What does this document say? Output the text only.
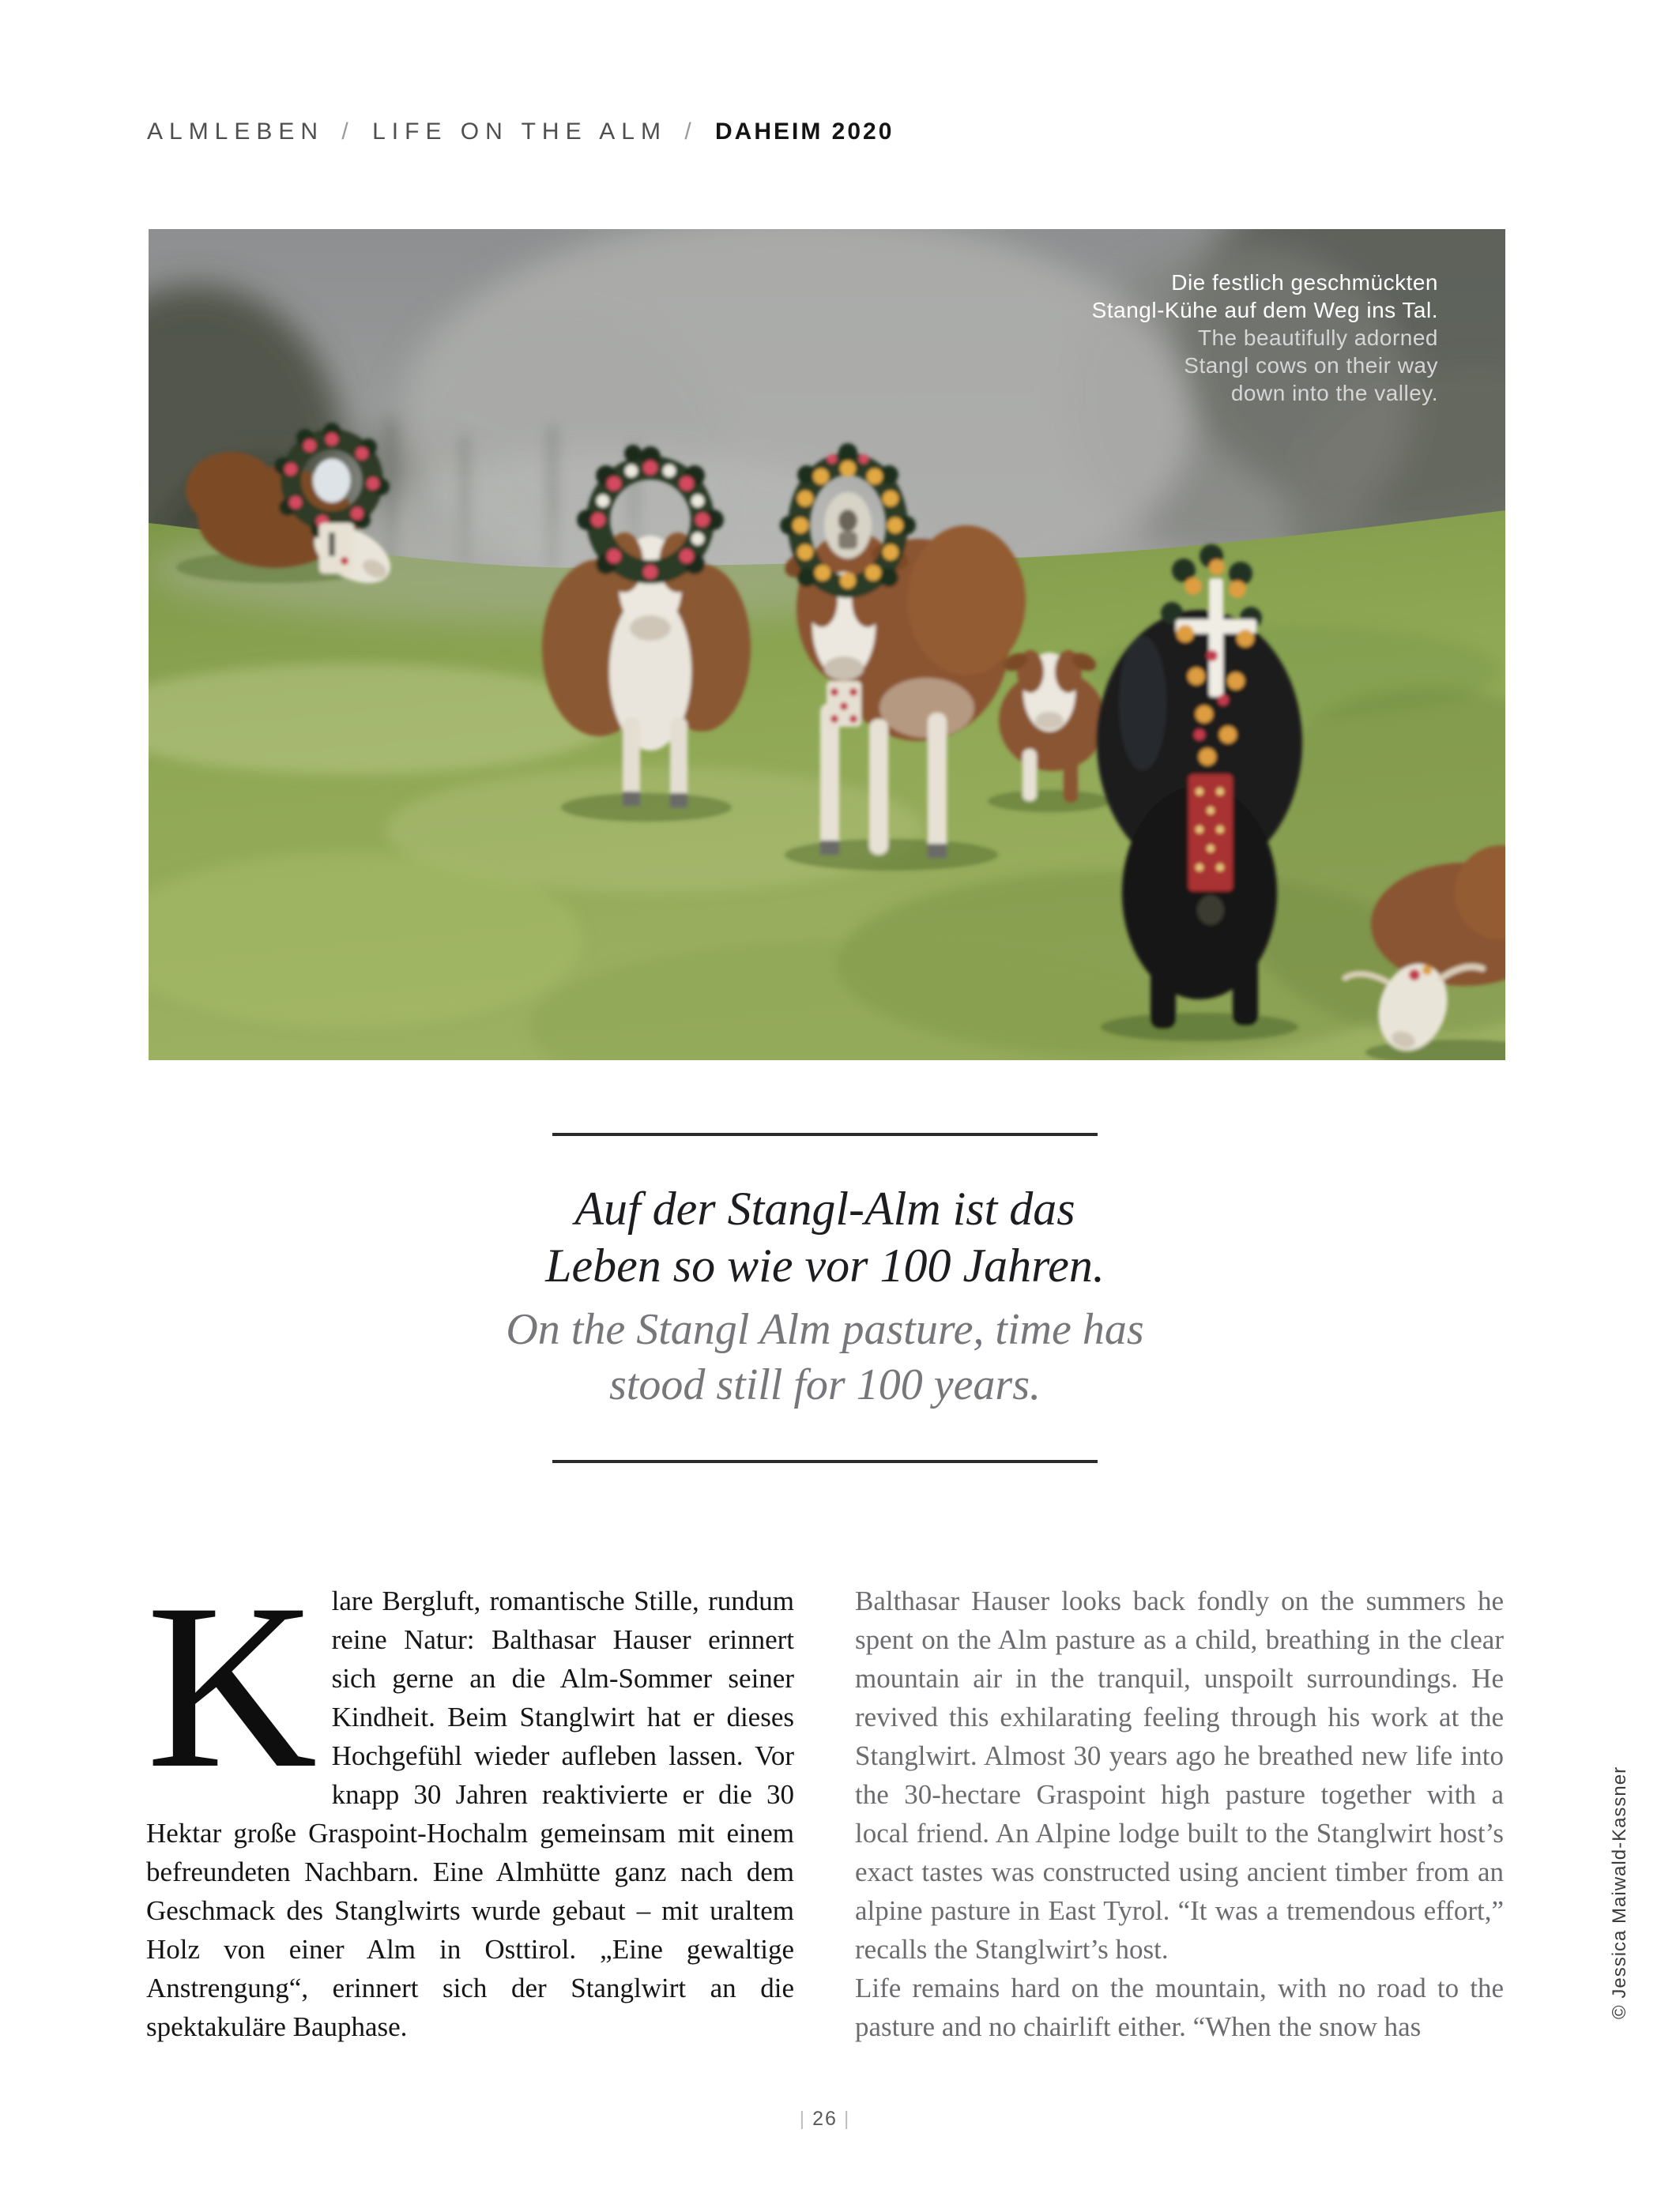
ALMLEBEN / LIFE ON THE ALM / DAHEIM 2020
Die festlich geschmückten
Stangl-Kühe auf dem Weg ins Tal.
The beautifully adorned
Stangl cows on their way
down into the valley.

Auf der Stangl-Alm ist das
Leben so wie vor 100 Jahren.

On the Stangl Alm pasture, time has
stood still for 100 years.

Klare Bergluft, romantische Stille, rundum reine Natur: Balthasar Hauser erinnert sich gerne an die Alm-Sommer seiner Kindheit. Beim Stanglwirt hat er dieses Hochgefühl wieder aufleben lassen. Vor knapp 30 Jahren reaktivierte er die 30 Hektar große Graspoint-Hochalm gemeinsam mit einem befreundeten Nachbarn. Eine Almhütte ganz nach dem Geschmack des Stanglwirts wurde gebaut – mit uraltem Holz von einer Alm in Osttirol. „Eine gewaltige Anstrengung“, erinnert sich der Stanglwirt an die spektakuläre Bauphase.

Balthasar Hauser looks back fondly on the summers he spent on the Alm pasture as a child, breathing in the clear mountain air in the tranquil, unspoilt surroundings. He revived this exhilarating feeling through his work at the Stanglwirt. Almost 30 years ago he breathed new life into the 30-hectare Graspoint high pasture together with a local friend. An Alpine lodge built to the Stanglwirt host’s exact tastes was constructed using ancient timber from an alpine pasture in East Tyrol. “It was a tremendous effort,” recalls the Stanglwirt’s host.

Life remains hard on the mountain, with no road to the pasture and no chairlift either. “When the snow has

© Jessica Maiwald-Kassner
| 26 |
